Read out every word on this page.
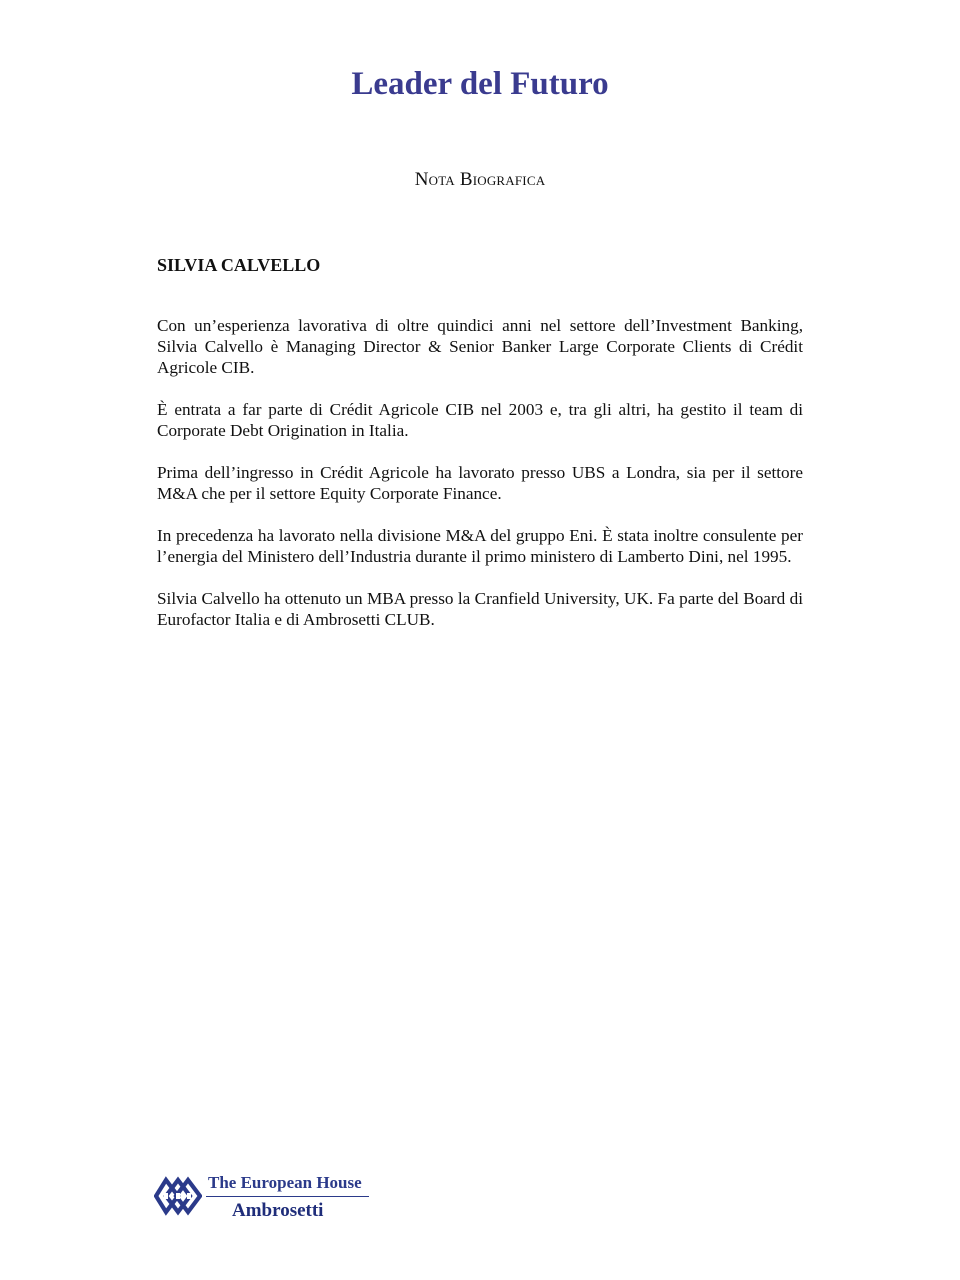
Leader del Futuro
Nota Biografica
SILVIA CALVELLO

Con un’esperienza lavorativa di oltre quindici anni nel settore dell’Investment Banking, Silvia Calvello è Managing Director & Senior Banker Large Corporate Clients di Crédit Agricole CIB.

È entrata a far parte di Crédit Agricole CIB nel 2003 e, tra gli altri, ha gestito il team di Corporate Debt Origination in Italia.

Prima dell’ingresso in Crédit Agricole ha lavorato presso UBS a Londra, sia per il settore M&A che per il settore Equity Corporate Finance.

In precedenza ha lavorato nella divisione M&A del gruppo Eni. È stata inoltre consulente per l’energia del Ministero dell’Industria durante il primo ministero di Lamberto Dini, nel 1995.

Silvia Calvello ha ottenuto un MBA presso la Cranfield University, UK. Fa parte del Board di Eurofactor Italia e di Ambrosetti CLUB.

The European House
Ambrosetti
